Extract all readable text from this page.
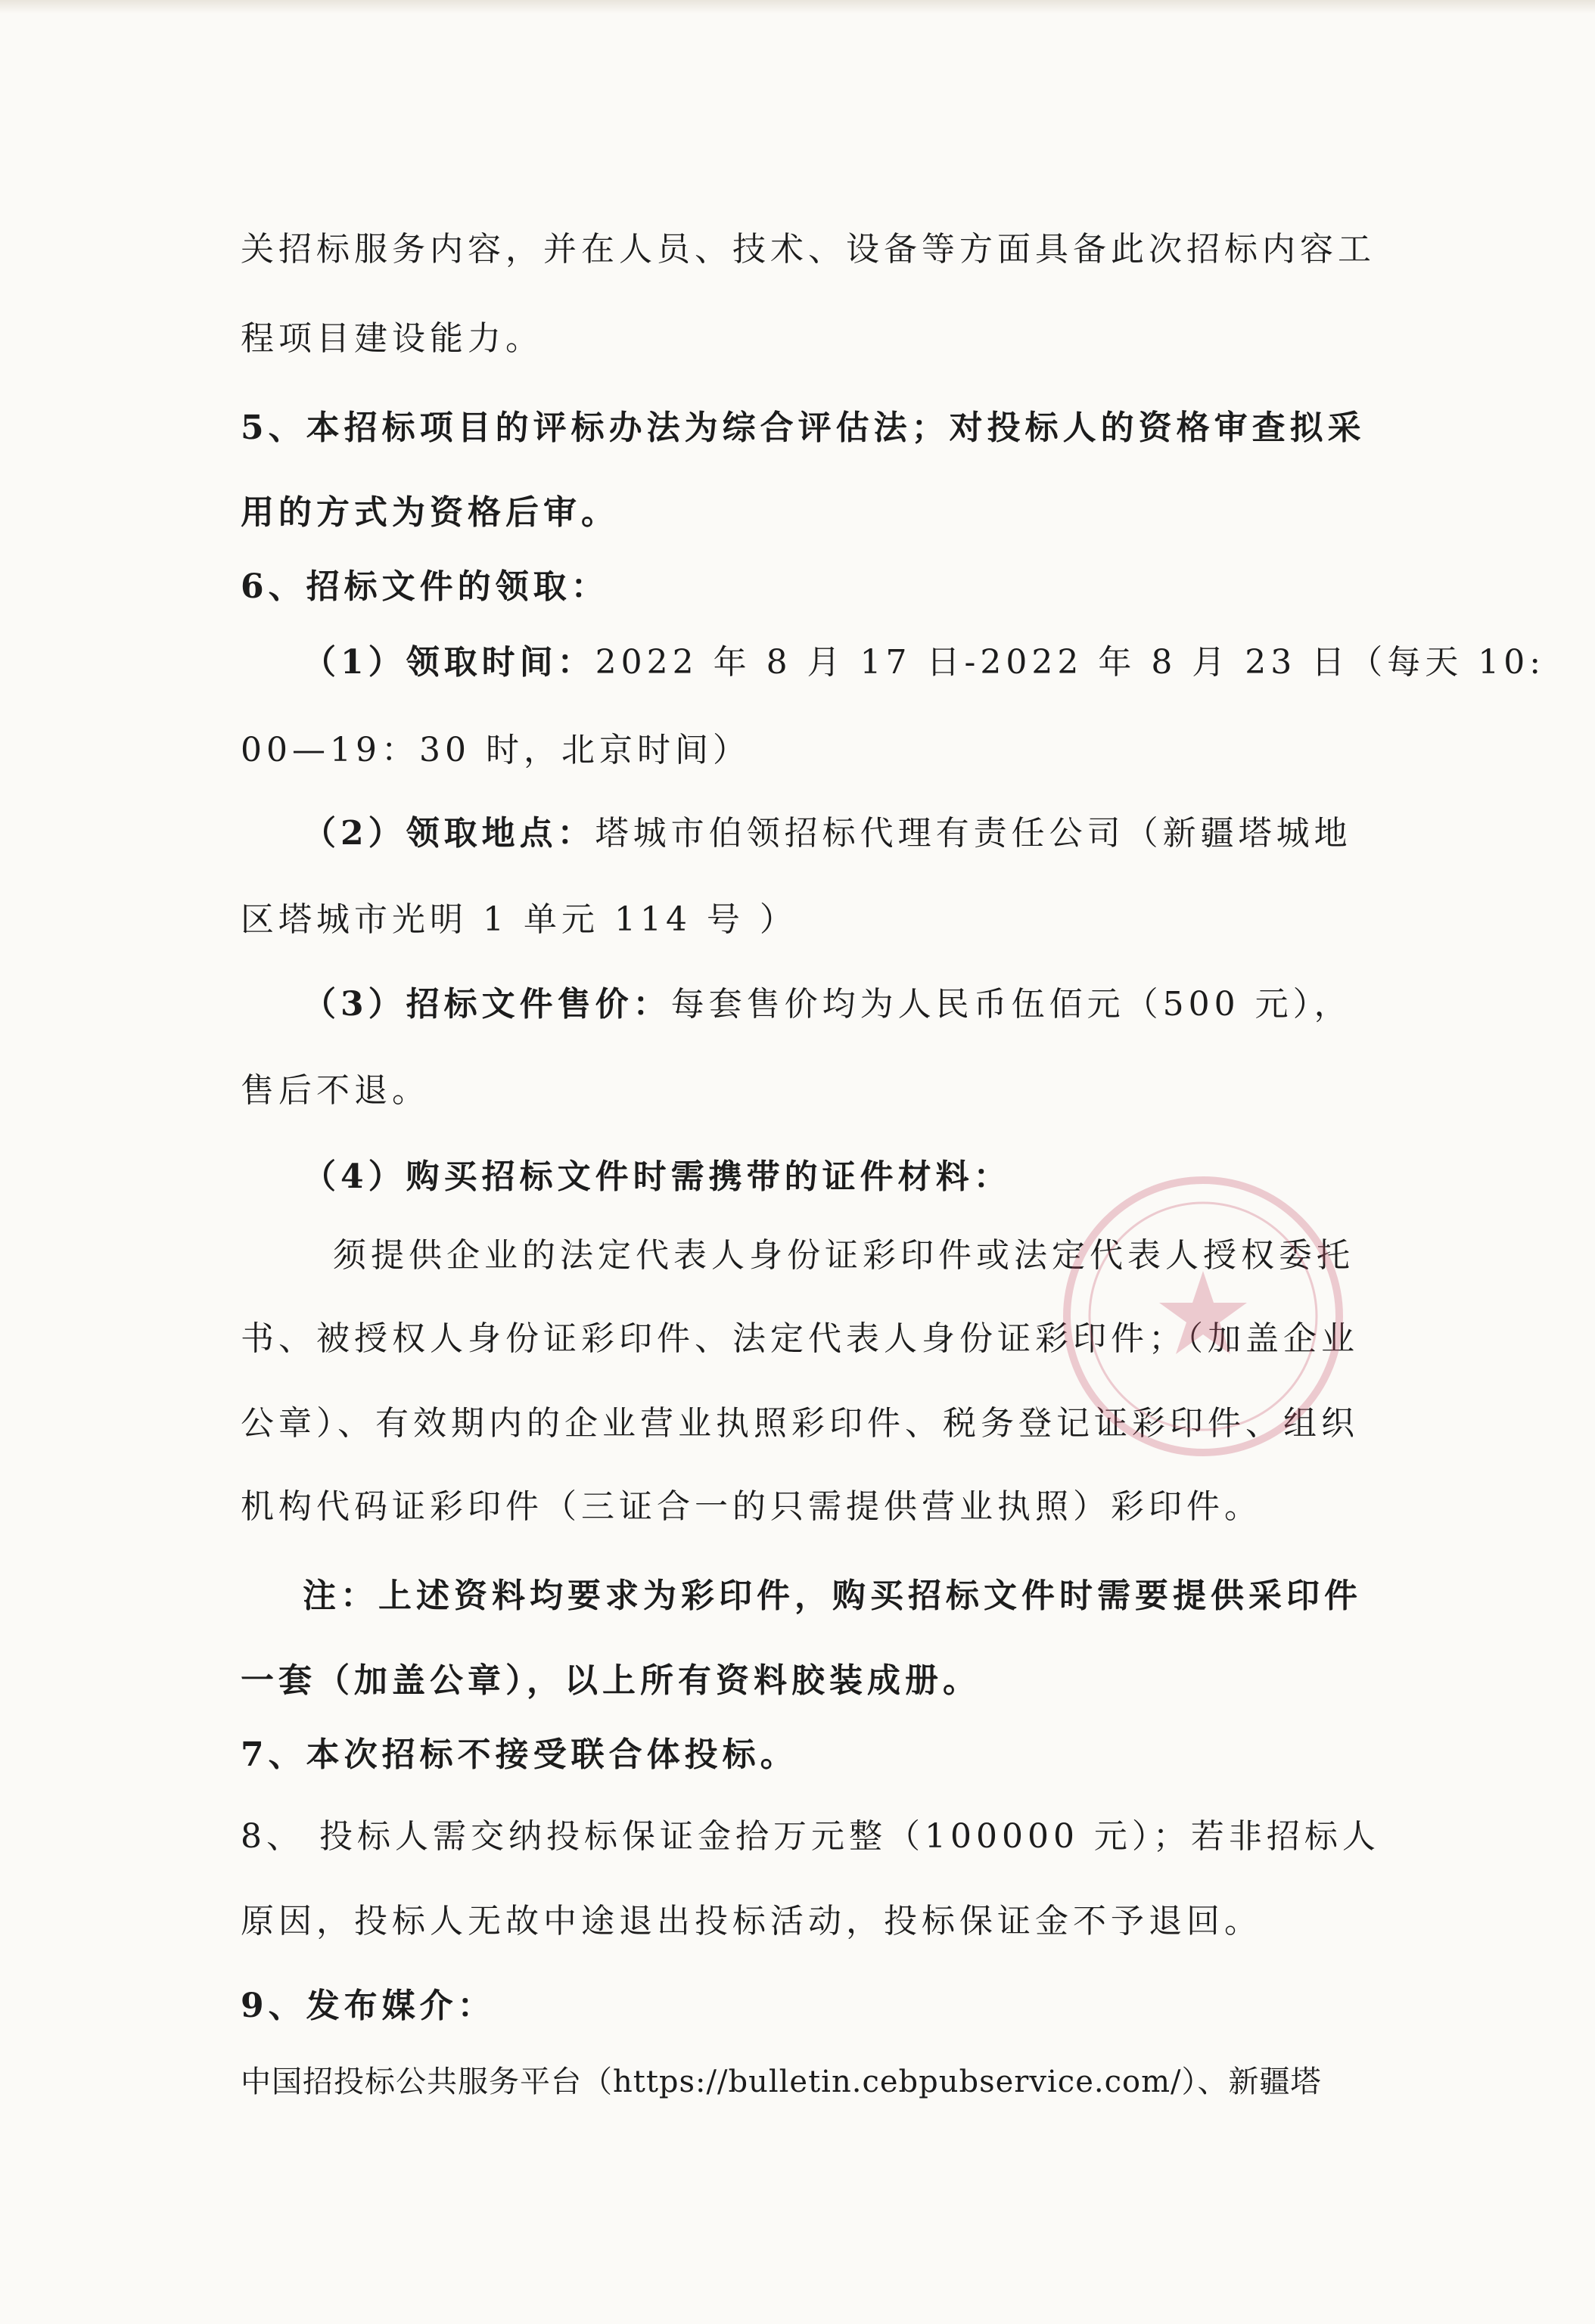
关招标服务内容，并在人员、技术、设备等方面具备此次招标内容工
程项目建设能力。
5、本招标项目的评标办法为综合评估法；对投标人的资格审查拟采
用的方式为资格后审。
6、招标文件的领取：
（1）领取时间：2022 年 8 月 17 日-2022 年 8 月 23 日（每天 10:
00—19：30 时，北京时间）
（2）领取地点：塔城市伯领招标代理有责任公司（新疆塔城地
区塔城市光明 1 单元 114 号 ）
（3）招标文件售价：每套售价均为人民币伍佰元（500 元），
售后不退。
（4）购买招标文件时需携带的证件材料：
须提供企业的法定代表人身份证彩印件或法定代表人授权委托
书、被授权人身份证彩印件、法定代表人身份证彩印件；（加盖企业
公章）、有效期内的企业营业执照彩印件、税务登记证彩印件、组织
机构代码证彩印件（三证合一的只需提供营业执照）彩印件。
注：上述资料均要求为彩印件，购买招标文件时需要提供采印件
一套（加盖公章），以上所有资料胶装成册。
7、本次招标不接受联合体投标。
8、 投标人需交纳投标保证金拾万元整（100000 元）；若非招标人
原因，投标人无故中途退出投标活动，投标保证金不予退回。
9、发布媒介：
中国招投标公共服务平台（https://bulletin.cebpubservice.com/）、新疆塔
